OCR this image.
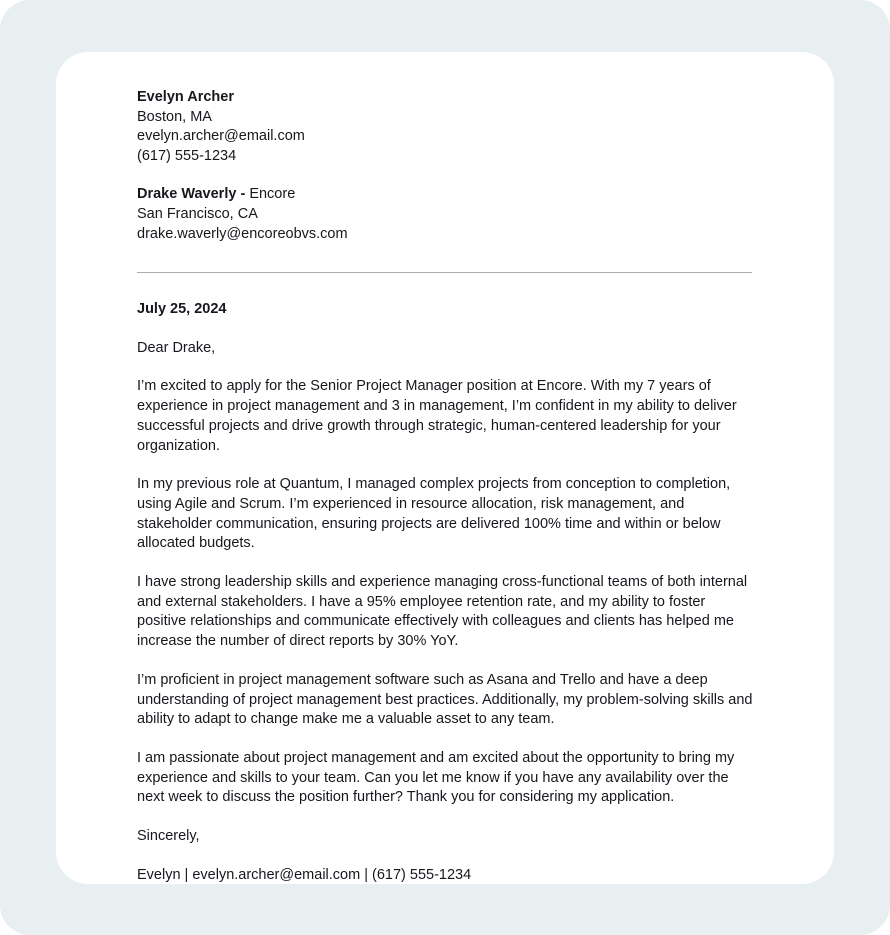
Evelyn Archer
Boston, MA
evelyn.archer@email.com
(617) 555-1234
Drake Waverly - Encore
San Francisco, CA
drake.waverly@encoreobvs.com
July 25, 2024
Dear Drake,
I’m excited to apply for the Senior Project Manager position at Encore. With my 7 years of experience in project management and 3 in management, I’m confident in my ability to deliver successful projects and drive growth through strategic, human-centered leadership for your organization.
In my previous role at Quantum, I managed complex projects from conception to completion, using Agile and Scrum. I’m experienced in resource allocation, risk management, and stakeholder communication, ensuring projects are delivered 100% time and within or below allocated budgets.
I have strong leadership skills and experience managing cross-functional teams of both internal and external stakeholders. I have a 95% employee retention rate, and my ability to foster positive relationships and communicate effectively with colleagues and clients has helped me increase the number of direct reports by 30% YoY.
I’m proficient in project management software such as Asana and Trello and have a deep understanding of project management best practices. Additionally, my problem-solving skills and ability to adapt to change make me a valuable asset to any team.
I am passionate about project management and am excited about the opportunity to bring my experience and skills to your team. Can you let me know if you have any availability over the next week to discuss the position further? Thank you for considering my application.
Sincerely,
Evelyn | evelyn.archer@email.com | (617) 555-1234
